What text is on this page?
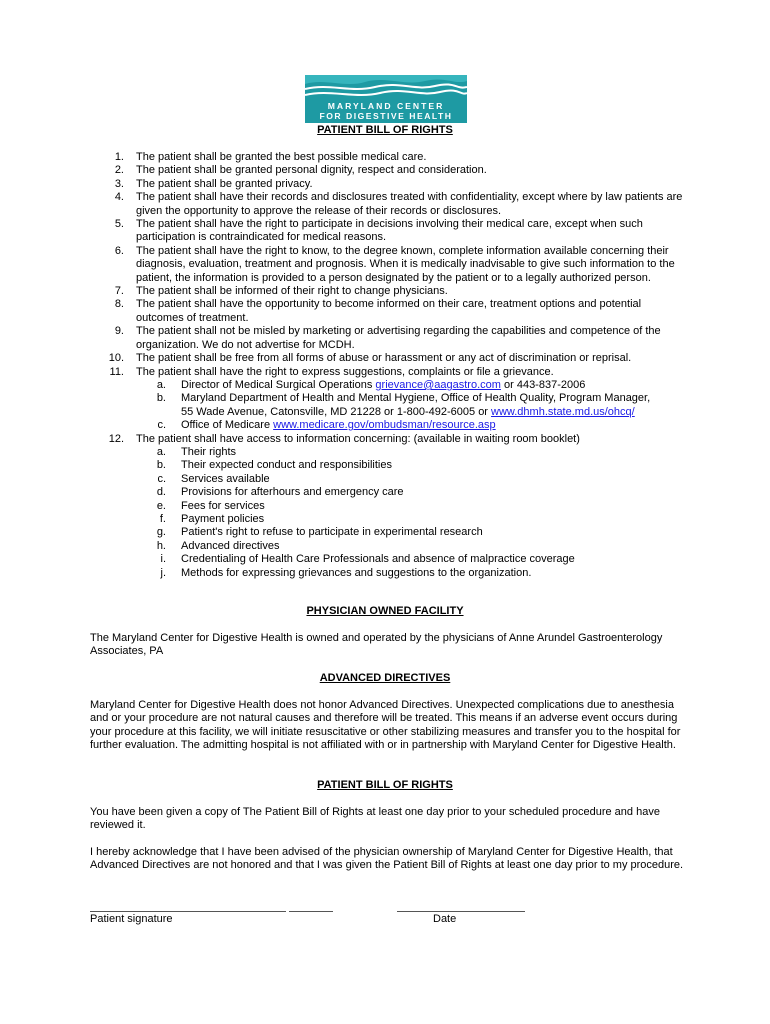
MARYLAND CENTER
FOR DIGESTIVE HEALTH
PATIENT BILL OF RIGHTS
1. The patient shall be granted the best possible medical care.
2. The patient shall be granted personal dignity, respect and consideration.
3. The patient shall be granted privacy.
4. The patient shall have their records and disclosures treated with confidentiality, except where by law patients are given the opportunity to approve the release of their records or disclosures.
5. The patient shall have the right to participate in decisions involving their medical care, except when such participation is contraindicated for medical reasons.
6. The patient shall have the right to know, to the degree known, complete information available concerning their diagnosis, evaluation, treatment and prognosis. When it is medically inadvisable to give such information to the patient, the information is provided to a person designated by the patient or to a legally authorized person.
7. The patient shall be informed of their right to change physicians.
8. The patient shall have the opportunity to become informed on their care, treatment options and potential outcomes of treatment.
9. The patient shall not be misled by marketing or advertising regarding the capabilities and competence of the organization. We do not advertise for MCDH.
10. The patient shall be free from all forms of abuse or harassment or any act of discrimination or reprisal.
11. The patient shall have the right to express suggestions, complaints or file a grievance.
a. Director of Medical Surgical Operations grievance@aagastro.com or 443-837-2006
b. Maryland Department of Health and Mental Hygiene, Office of Health Quality, Program Manager,
55 Wade Avenue, Catonsville, MD 21228 or 1-800-492-6005 or www.dhmh.state.md.us/ohcq/
c. Office of Medicare www.medicare.gov/ombudsman/resource.asp
12. The patient shall have access to information concerning: (available in waiting room booklet)
a. Their rights
b. Their expected conduct and responsibilities
c. Services available
d. Provisions for afterhours and emergency care
e. Fees for services
f. Payment policies
g. Patient's right to refuse to participate in experimental research
h. Advanced directives
i. Credentialing of Health Care Professionals and absence of malpractice coverage
j. Methods for expressing grievances and suggestions to the organization.
PHYSICIAN OWNED FACILITY
The Maryland Center for Digestive Health is owned and operated by the physicians of Anne Arundel Gastroenterology Associates, PA
ADVANCED DIRECTIVES
Maryland Center for Digestive Health does not honor Advanced Directives. Unexpected complications due to anesthesia and or your procedure are not natural causes and therefore will be treated. This means if an adverse event occurs during your procedure at this facility, we will initiate resuscitative or other stabilizing measures and transfer you to the hospital for further evaluation. The admitting hospital is not affiliated with or in partnership with Maryland Center for Digestive Health.
PATIENT BILL OF RIGHTS
You have been given a copy of The Patient Bill of Rights at least one day prior to your scheduled procedure and have reviewed it.
I hereby acknowledge that I have been advised of the physician ownership of Maryland Center for Digestive Health, that Advanced Directives are not honored and that I was given the Patient Bill of Rights at least one day prior to my procedure.
Patient signature	Date
